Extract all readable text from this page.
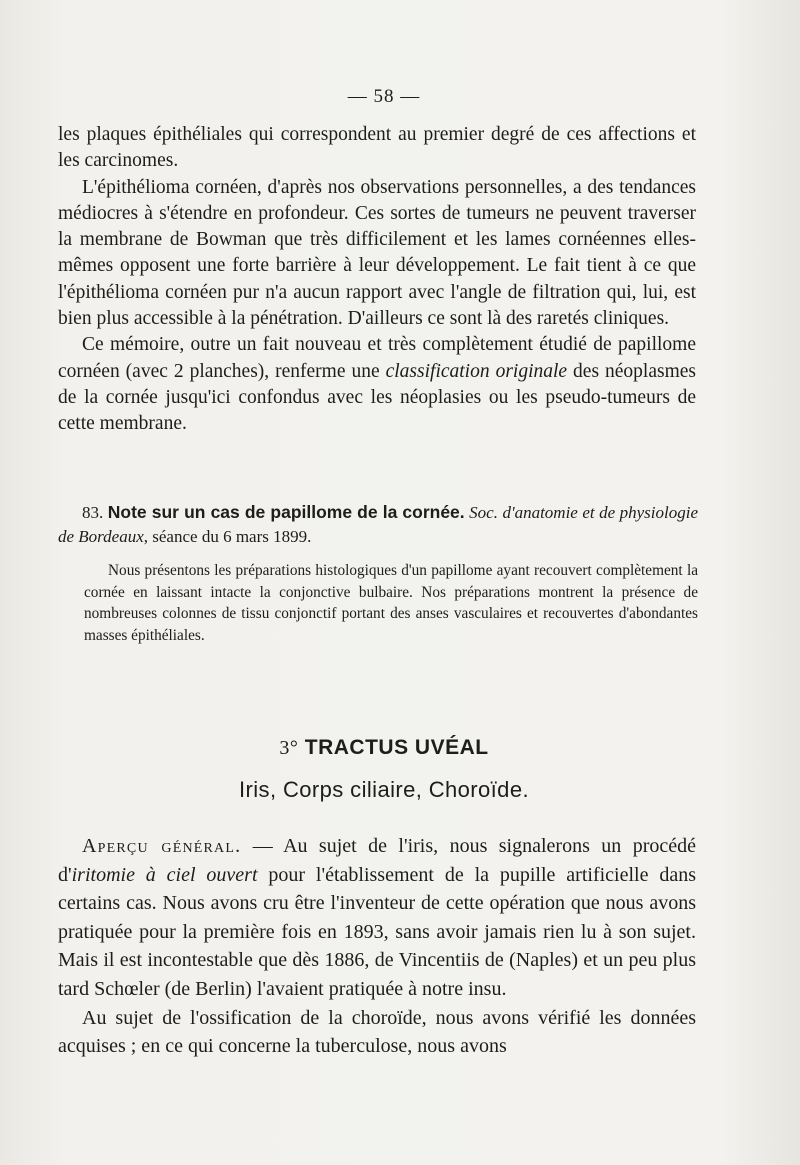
— 58 —

les plaques épithéliales qui correspondent au premier degré de ces affections et les carcinomes.

L'épithélioma cornéen, d'après nos observations personnelles, a des tendances médiocres à s'étendre en profondeur. Ces sortes de tumeurs ne peuvent traverser la membrane de Bowman que très difficilement et les lames cornéennes elles-mêmes opposent une forte barrière à leur développement. Le fait tient à ce que l'épithélioma cornéen pur n'a aucun rapport avec l'angle de filtration qui, lui, est bien plus accessible à la pénétration. D'ailleurs ce sont là des raretés cliniques.

Ce mémoire, outre un fait nouveau et très complètement étudié de papillome cornéen (avec 2 planches), renferme une classification originale des néoplasmes de la cornée jusqu'ici confondus avec les néoplasies ou les pseudo-tumeurs de cette membrane.

83. Note sur un cas de papillome de la cornée. Soc. d'anatomie et de physiologie de Bordeaux, séance du 6 mars 1899.

Nous présentons les préparations histologiques d'un papillome ayant recouvert complètement la cornée en laissant intacte la conjonctive bulbaire. Nos préparations montrent la présence de nombreuses colonnes de tissu conjonctif portant des anses vasculaires et recouvertes d'abondantes masses épithéliales.

3° TRACTUS UVÉAL
Iris, Corps ciliaire, Choroïde.

Aperçu général. — Au sujet de l'iris, nous signalerons un procédé d'iritomie à ciel ouvert pour l'établissement de la pupille artificielle dans certains cas. Nous avons cru être l'inventeur de cette opération que nous avons pratiquée pour la première fois en 1893, sans avoir jamais rien lu à son sujet. Mais il est incontestable que dès 1886, de Vincentiis de (Naples) et un peu plus tard Schœler (de Berlin) l'avaient pratiquée à notre insu.

Au sujet de l'ossification de la choroïde, nous avons vérifié les données acquises ; en ce qui concerne la tuberculose, nous avons
